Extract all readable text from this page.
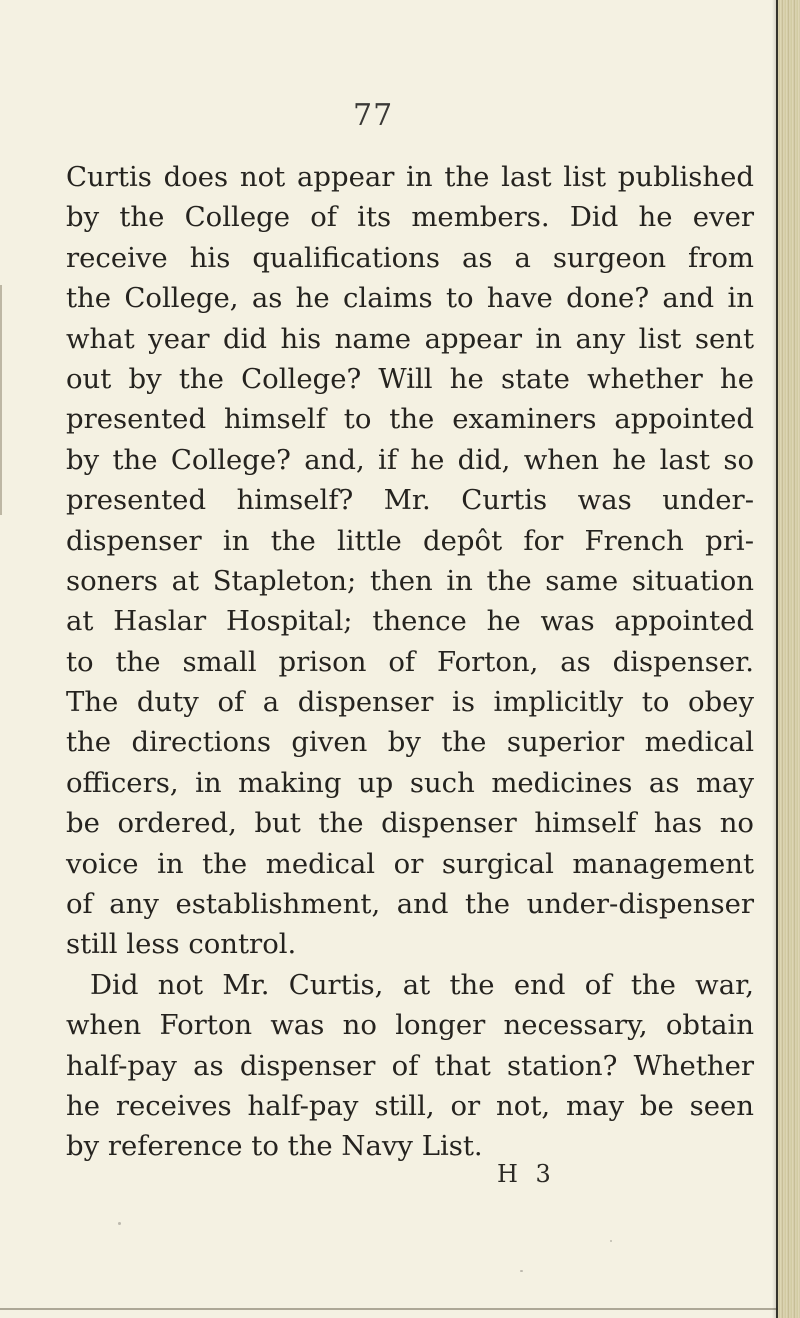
77
Curtis does not appear in the last list published
by the College of its members. Did he ever
receive his qualifications as a surgeon from
the College, as he claims to have done? and in
what year did his name appear in any list sent
out by the College? Will he state whether he
presented himself to the examiners appointed
by the College? and, if he did, when he last so
presented himself? Mr. Curtis was under-
dispenser in the little depôt for French pri-
soners at Stapleton; then in the same situation
at Haslar Hospital; thence he was appointed
to the small prison of Forton, as dispenser.
The duty of a dispenser is implicitly to obey
the directions given by the superior medical
officers, in making up such medicines as may
be ordered, but the dispenser himself has no
voice in the medical or surgical management
of any establishment, and the under-dispenser
still less control.
Did not Mr. Curtis, at the end of the war,
when Forton was no longer necessary, obtain
half-pay as dispenser of that station? Whether
he receives half-pay still, or not, may be seen
by reference to the Navy List.
H 3
